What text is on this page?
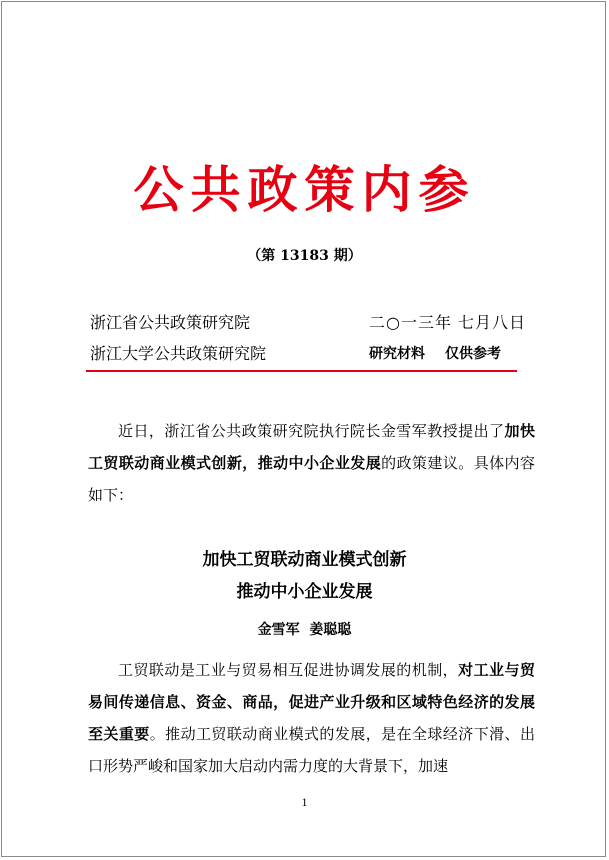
公共政策内参
（第 13183 期）
浙江省公共政策研究院
浙江大学公共政策研究院
二○一三年 七月八日
研究材料 仅供参考

近日，浙江省公共政策研究院执行院长金雪军教授提出了加快工贸联动商业模式创新，推动中小企业发展的政策建议。具体内容如下：

加快工贸联动商业模式创新
推动中小企业发展
金雪军  姜聪聪

工贸联动是工业与贸易相互促进协调发展的机制，对工业与贸易间传递信息、资金、商品，促进产业升级和区域特色经济的发展至关重要。推动工贸联动商业模式的发展，是在全球经济下滑、出口形势严峻和国家加大启动内需力度的大背景下，加速

1
